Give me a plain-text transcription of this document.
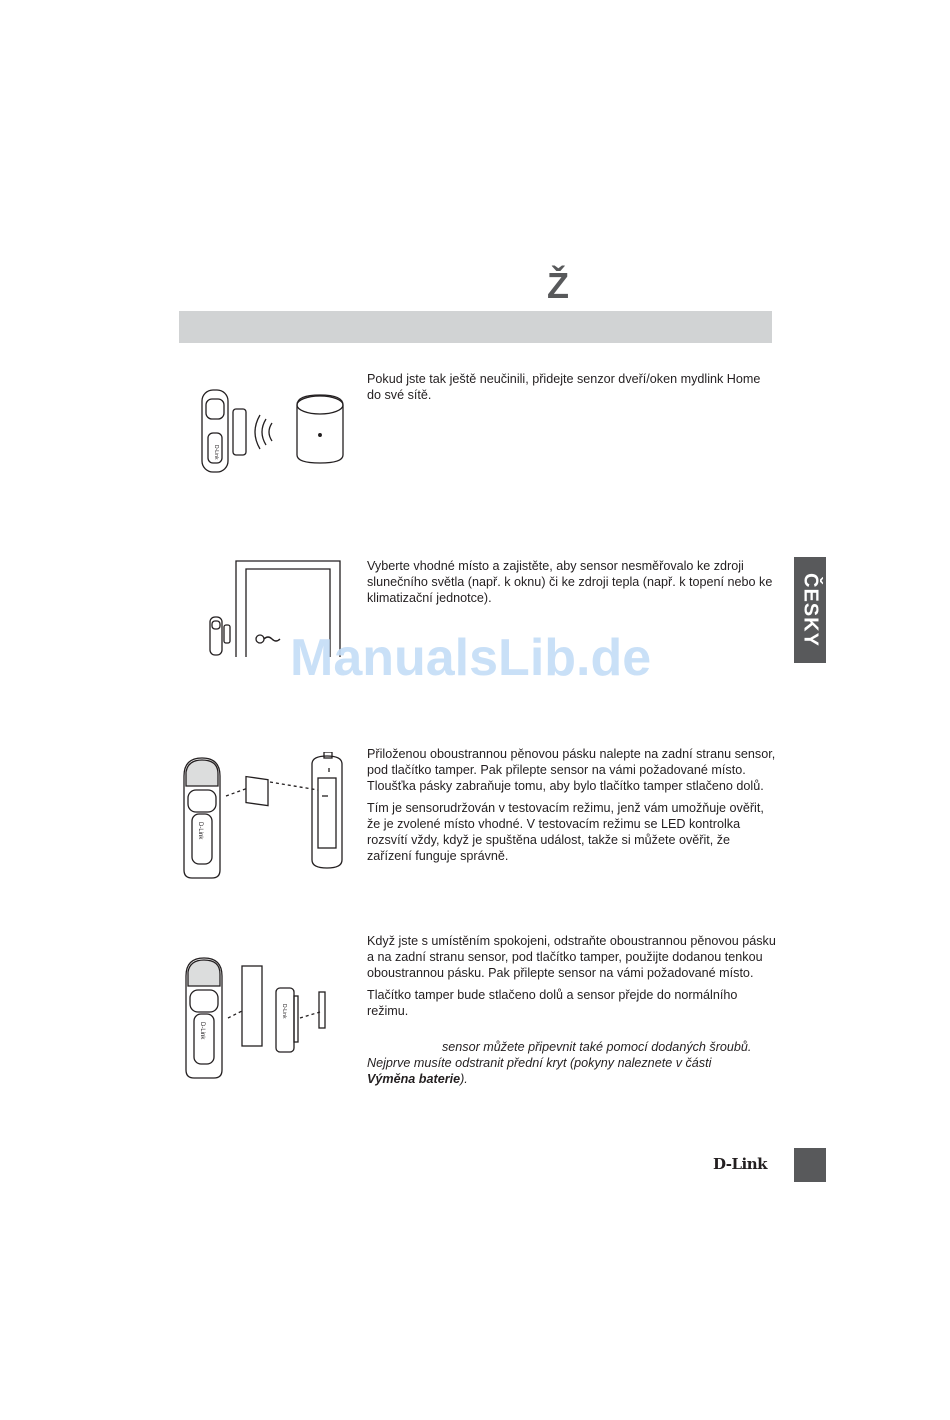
Ž
D-Link

Pokud jste tak ještě neučinili, přidejte senzor dveří/oken mydlink Home do své sítě.

Vyberte vhodné místo a zajistěte, aby sensor nesměřovalo ke zdroji slunečního světla (např. k oknu) či ke zdroji tepla (např. k topení nebo ke klimatizační jednotce).	ČESKY
ManualsLib.de
D-Link

Přiloženou oboustrannou pěnovou pásku nalepte na zadní stranu sensor, pod tlačítko tamper. Pak přilepte sensor na vámi požadované místo. Tloušťka pásky zabraňuje tomu, aby bylo tlačítko tamper stlačeno dolů.

Tím je sensorudržován v testovacím režimu, jenž vám umožňuje ověřit, že je zvolené místo vhodné. V testovacím režimu se LED kontrolka rozsvítí vždy, když je spuštěna událost, takže si můžete ověřit, že zařízení funguje správně.

D-Link
D-Link

Když jste s umístěním spokojeni, odstraňte oboustrannou pěnovou pásku a na zadní stranu sensor, pod tlačítko tamper, použijte dodanou tenkou oboustrannou pásku. Pak přilepte sensor na vámi požadované místo.

Tlačítko tamper bude stlačeno dolů a sensor přejde do normálního režimu.

sensor můžete připevnit také pomocí dodaných šroubů.
Nejprve musíte odstranit přední kryt (pokyny naleznete v části
Výměna baterie).
D-Link
